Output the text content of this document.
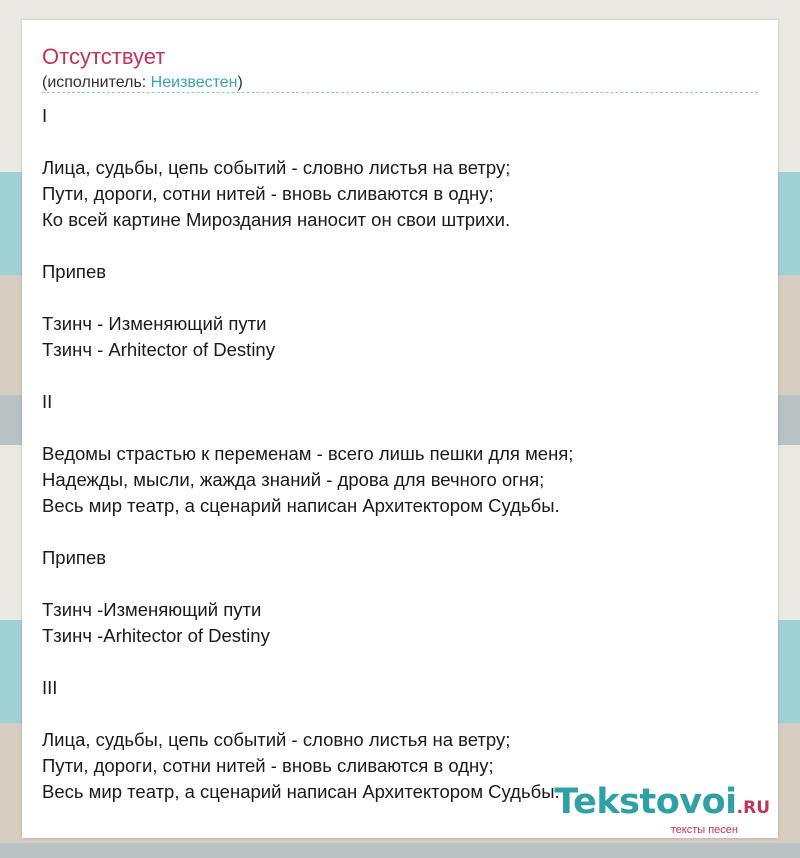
Отсутствует
(исполнитель: Неизвестен)
I
Лица, судьбы, цепь событий - словно листья на ветру;
Пути, дороги, сотни нитей - вновь сливаются в одну;
Ко всей картине Мироздания наносит он свои штрихи.
Припев
Тзинч - Изменяющий пути
Тзинч - Arhitector of Destiny
II
Ведомы страстью к переменам - всего лишь пешки для меня;
Надежды, мысли, жажда знаний - дрова для вечного огня;
Весь мир театр, а сценарий написан Архитектором Судьбы.
Припев
Тзинч -Изменяющий пути
Тзинч -Arhitector of Destiny
III
Лица, судьбы, цепь событий - словно листья на ветру;
Пути, дороги, сотни нитей - вновь сливаются в одну;
Весь мир театр, а сценарий написан Архитектором Судьбы.
Tekstovoi.RU
тексты песен
